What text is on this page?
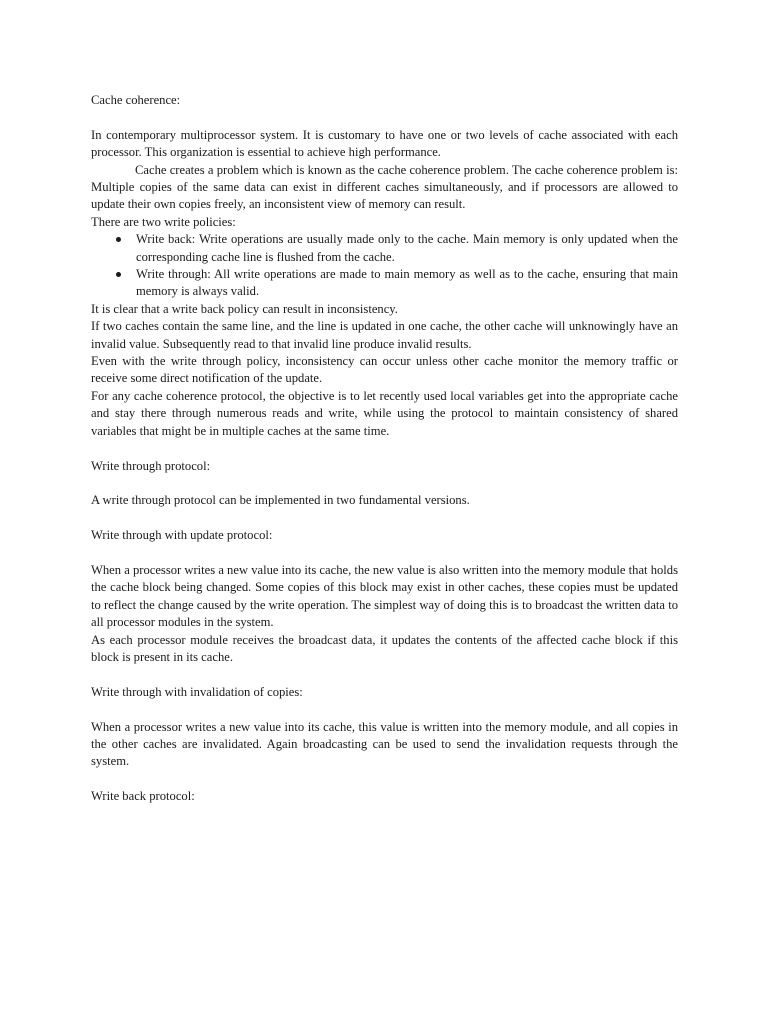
Cache coherence:

In contemporary multiprocessor system. It is customary to have one or two levels of cache associated with each processor. This organization is essential to achieve high performance.

Cache creates a problem which is known as the cache coherence problem. The cache coherence problem is: Multiple copies of the same data can exist in different caches simultaneously, and if processors are allowed to update their own copies freely, an inconsistent view of memory can result.

There are two write policies:

Write back: Write operations are usually made only to the cache. Main memory is only updated when the corresponding cache line is flushed from the cache.
Write through: All write operations are made to main memory as well as to the cache, ensuring that main memory is always valid.

It is clear that a write back policy can result in inconsistency.

If two caches contain the same line, and the line is updated in one cache, the other cache will unknowingly have an invalid value. Subsequently read to that invalid line produce invalid results.

Even with the write through policy, inconsistency can occur unless other cache monitor the memory traffic or receive some direct notification of the update.

For any cache coherence protocol, the objective is to let recently used local variables get into the appropriate cache and stay there through numerous reads and write, while using the protocol to maintain consistency of shared variables that might be in multiple caches at the same time.

Write through protocol:

A write through protocol can be implemented in two fundamental versions.

Write through with update protocol:

When a processor writes a new value into its cache, the new value is also written into the memory module that holds the cache block being changed. Some copies of this block may exist in other caches, these copies must be updated to reflect the change caused by the write operation. The simplest way of doing this is to broadcast the written data to all processor modules in the system.

As each processor module receives the broadcast data, it updates the contents of the affected cache block if this block is present in its cache.

Write through with invalidation of copies:

When a processor writes a new value into its cache, this value is written into the memory module, and all copies in the other caches are invalidated. Again broadcasting can be used to send the invalidation requests through the system.

Write back protocol:
